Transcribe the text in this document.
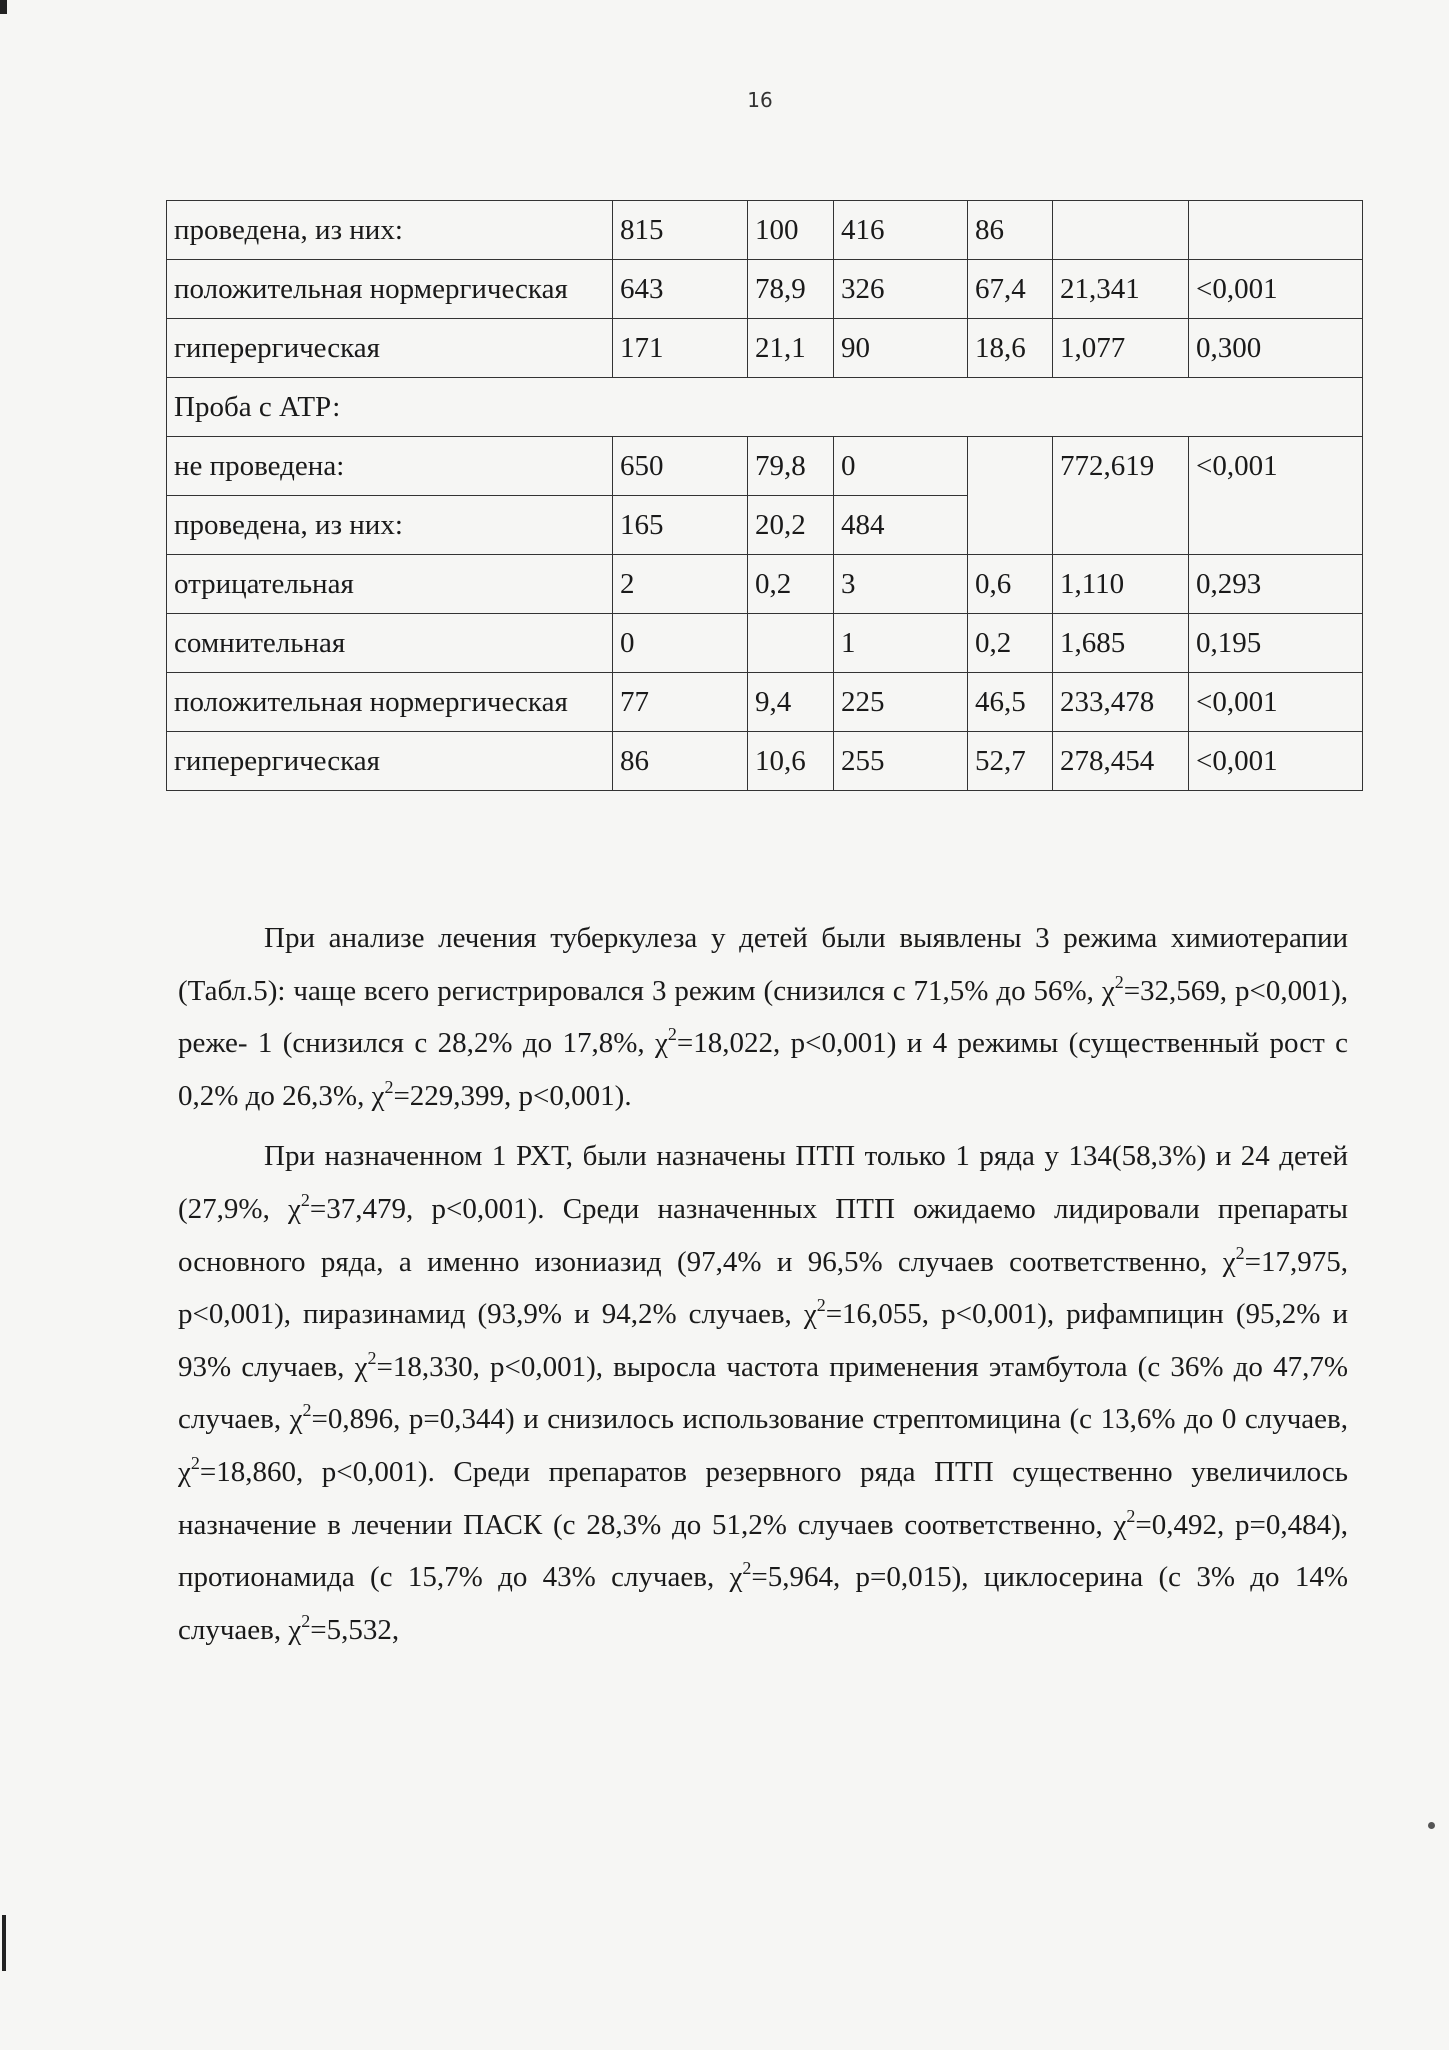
16
проведена, из них:	815	100	416	86		
положительная нормергическая	643	78,9	326	67,4	21,341	<0,001
гиперергическая	171	21,1	90	18,6	1,077	0,300
Проба с АТР:						
не проведена:	650	79,8	0		772,619	<0,001
проведена, из них:	165	20,2	484		
отрицательная	2	0,2	3	0,6	1,110	0,293
сомнительная	0		1	0,2	1,685	0,195
положительная нормергическая	77	9,4	225	46,5	233,478	<0,001
гиперергическая	86	10,6	255	52,7	278,454	<0,001

При анализе лечения туберкулеза у детей были выявлены 3 режима химиотерапии (Табл.5): чаще всего регистрировался 3 режим (снизился с 71,5% до 56%, $\chi^2=32,569$, p<0,001), реже- 1 (снизился с 28,2% до 17,8%, $\chi^2=18,022$, p<0,001) и 4 режимы (существенный рост с 0,2% до 26,3%, $\chi^2=229,399$, p<0,001).

При назначенном 1 РХТ, были назначены ПТП только 1 ряда у 134(58,3%) и 24 детей (27,9%, $\chi^2=37,479$, p<0,001). Среди назначенных ПТП ожидаемо лидировали препараты основного ряда, а именно изониазид (97,4% и 96,5% случаев соответственно, $\chi^2=17,975$, p<0,001), пиразинамид (93,9% и 94,2% случаев, $\chi^2=16,055$, p<0,001), рифампицин (95,2% и 93% случаев, $\chi^2=18,330$, p<0,001), выросла частота применения этамбутола (с 36% до 47,7% случаев, $\chi^2=0,896$, p=0,344) и снизилось использование стрептомицина (с 13,6% до 0 случаев, $\chi^2=18,860$, p<0,001). Среди препаратов резервного ряда ПТП существенно увеличилось назначение в лечении ПАСК (с 28,3% до 51,2% случаев соответственно, $\chi^2=0,492$, p=0,484), протионамида (с 15,7% до 43% случаев, $\chi^2=5,964$, p=0,015), циклосерина (с 3% до 14% случаев, $\chi^2=5,532$,
